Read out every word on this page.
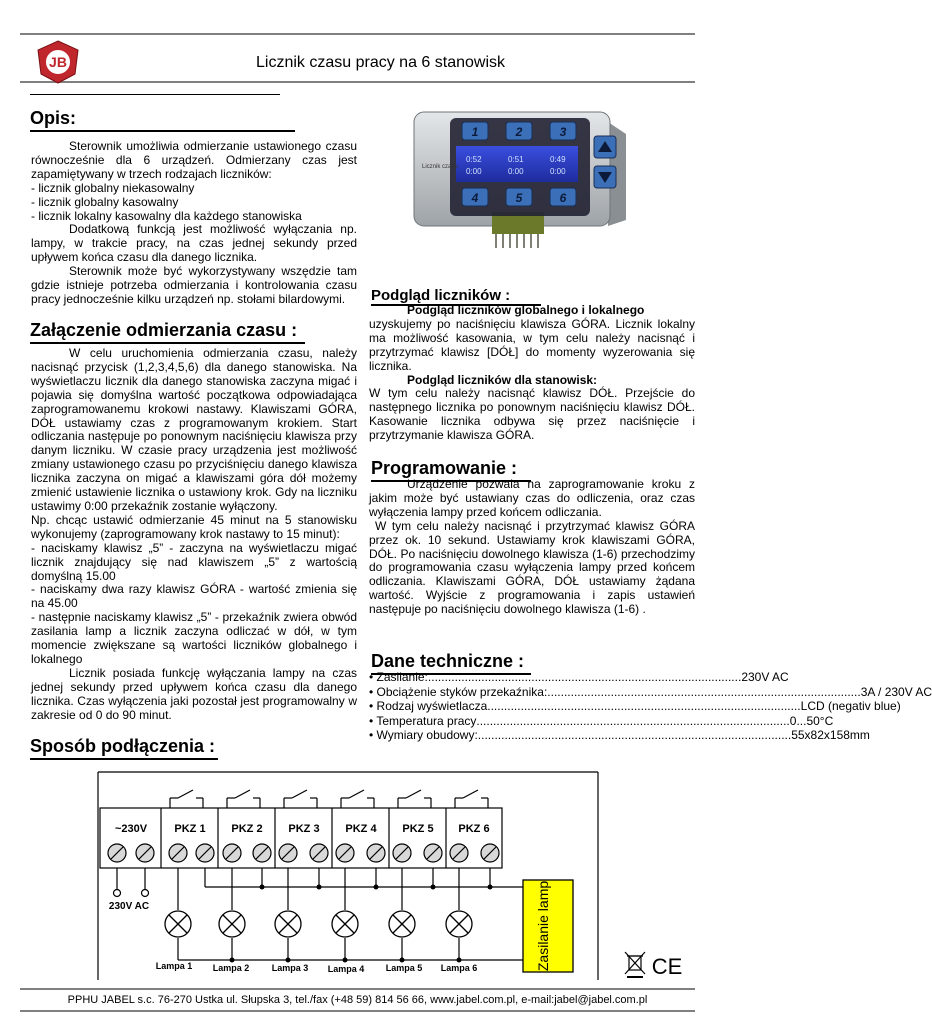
JB	Licznik czasu pracy na 6 stanowisk
Opis:

Sterownik umożliwia odmierzanie ustawionego czasu równocześnie dla 6 urządzeń. Odmierzany czas jest zapamiętywany w trzech rodzajach liczników:

- licznik globalny niekasowalny

- licznik globalny kasowalny

- licznik lokalny kasowalny dla każdego stanowiska

Dodatkową funkcją jest możliwość wyłączania np. lampy, w trakcie pracy, na czas jednej sekundy przed upływem końca czasu dla danego licznika.

Sterownik może być wykorzystywany wszędzie tam gdzie istnieje potrzeba odmierzania i kontrolowania czasu pracy jednocześnie kilku urządzeń np. stołami bilardowymi.

Załączenie odmierzania czasu :

W celu uruchomienia odmierzania czasu, należy nacisnąć przycisk (1,2,3,4,5,6) dla danego stanowiska. Na wyświetlaczu licznik dla danego stanowiska zaczyna migać i pojawia się domyślna wartość początkowa odpowiadająca zaprogramowanemu krokowi nastawy. Klawiszami GÓRA, DÓŁ ustawiamy czas z programowanym krokiem. Start odliczania następuje po ponownym naciśnięciu klawisza przy danym liczniku. W czasie pracy urządzenia jest możliwość zmiany ustawionego czasu po przyciśnięciu danego klawisza licznika zaczyna on migać a klawiszami góra dół możemy zmienić ustawienie licznika o ustawiony krok. Gdy na liczniku ustawimy 0:00 przekaźnik zostanie wyłączony.

Np. chcąc ustawić odmierzanie 45 minut na 5 stanowisku wykonujemy (zaprogramowany krok nastawy to 15 minut):

- naciskamy klawisz „5” - zaczyna na wyświetlaczu migać licznik znajdujący się nad klawiszem „5” z wartością domyślną 15.00

- naciskamy dwa razy klawisz GÓRA - wartość zmienia się na 45.00

- następnie naciskamy klawisz „5” - przekaźnik zwiera obwód zasilania lamp a licznik zaczyna odliczać w dół, w tym momencie zwiększane są wartości liczników globalnego i lokalnego

Licznik posiada funkcję wyłączania lampy na czas jednej sekundy przed upływem końca czasu dla danego licznika. Czas wyłączenia jaki pozostał jest programowalny w zakresie od 0 do 90 minut.

0:52	0:51	0:49
0:00	0:00	0:00
1	2	3
4	5	6
Licznik czasu
Podgląd liczników :

Podgląd liczników globalnego i lokalnego

uzyskujemy po naciśnięciu klawisza GÓRA. Licznik lokalny ma możliwość kasowania, w tym celu należy nacisnąć i przytrzymać klawisz [DÓŁ] do momenty wyzerowania się licznika.

Podgląd liczników dla stanowisk:

W tym celu należy nacisnąć klawisz DÓŁ. Przejście do następnego licznika po ponownym naciśnięciu klawisz DÓŁ. Kasowanie licznika odbywa się przez naciśnięcie i przytrzymanie klawisza GÓRA.

Programowanie :

Urządzenie pozwala na zaprogramowanie kroku z jakim może być ustawiany czas do odliczenia, oraz czas wyłączenia lampy przed końcem odliczania.

W tym celu należy nacisnąć i przytrzymać klawisz GÓRA przez ok. 10 sekund. Ustawiamy krok klawiszami GÓRA, DÓŁ. Po naciśnięciu dowolnego klawisza (1-6) przechodzimy do programowania czasu wyłączenia lampy przed końcem odliczania. Klawiszami GÓRA, DÓŁ ustawiamy żądana wartość. Wyjście z programowania i zapis ustawień następuje po naciśnięciu dowolnego klawisza (1-6) .

Dane techniczne :
• Zasilanie: .............................................................................................. 230V AC
• Obciążenie styków przekaźnika: .............................................................................................. 3A / 230V AC
• Rodzaj wyświetlacza .............................................................................................. LCD (negativ blue)
• Temperatura pracy .............................................................................................. 0...50°C
• Wymiary obudowy: .............................................................................................. 55x82x158mm
Sposób podłączenia :
~230V PKZ 1 PKZ 2 PKZ 3 PKZ 4 PKZ 5 PKZ 6
230V AC
Lampa 1 Lampa 2 Lampa 3 Lampa 4 Lampa 5 Lampa 6	Zasilanie lamp	CE
PPHU JABEL s.c. 76-270 Ustka ul. Słupska 3, tel./fax (+48 59) 814 56 66, www.jabel.com.pl, e-mail:jabel@jabel.com.pl
